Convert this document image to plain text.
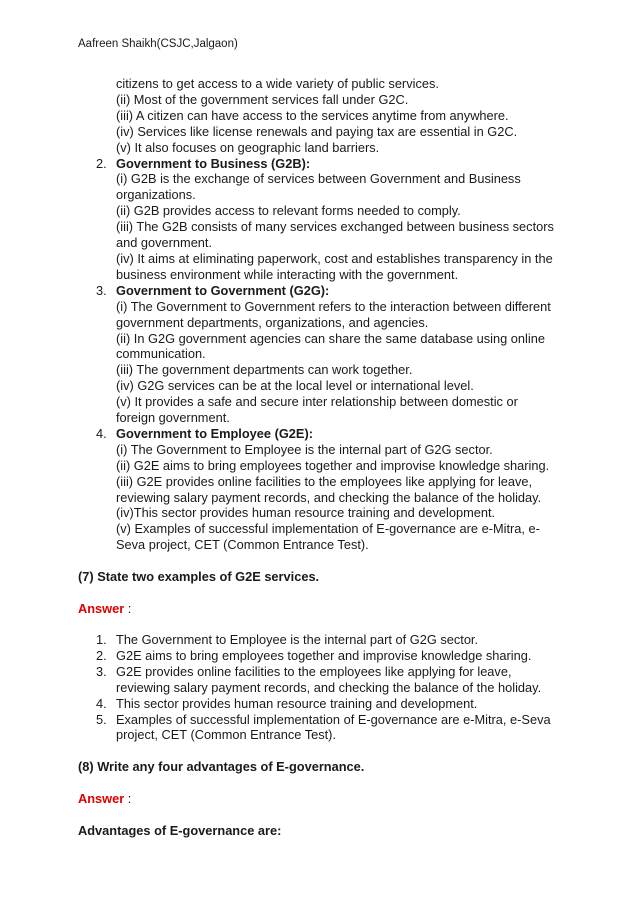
Aafreen Shaikh(CSJC,Jalgaon)
citizens to get access to a wide variety of public services.
(ii) Most of the government services fall under G2C.
(iii) A citizen can have access to the services anytime from anywhere.
(iv) Services like license renewals and paying tax are essential in G2C.
(v) It also focuses on geographic land barriers.
2. Government to Business (G2B):
(i) G2B is the exchange of services between Government and Business
organizations.
(ii) G2B provides access to relevant forms needed to comply.
(iii) The G2B consists of many services exchanged between business sectors
and government.
(iv) It aims at eliminating paperwork, cost and establishes transparency in the
business environment while interacting with the government.
3. Government to Government (G2G):
(i) The Government to Government refers to the interaction between different
government departments, organizations, and agencies.
(ii) In G2G government agencies can share the same database using online
communication.
(iii) The government departments can work together.
(iv) G2G services can be at the local level or international level.
(v) It provides a safe and secure inter relationship between domestic or
foreign government.
4. Government to Employee (G2E):
(i) The Government to Employee is the internal part of G2G sector.
(ii) G2E aims to bring employees together and improvise knowledge sharing.
(iii) G2E provides online facilities to the employees like applying for leave,
reviewing salary payment records, and checking the balance of the holiday.
(iv)This sector provides human resource training and development.
(v) Examples of successful implementation of E-governance are e-Mitra, e-
Seva project, CET (Common Entrance Test).
(7) State two examples of G2E services.
Answer :
1. The Government to Employee is the internal part of G2G sector.
2. G2E aims to bring employees together and improvise knowledge sharing.
3. G2E provides online facilities to the employees like applying for leave,
reviewing salary payment records, and checking the balance of the holiday.
4. This sector provides human resource training and development.
5. Examples of successful implementation of E-governance are e-Mitra, e-Seva
project, CET (Common Entrance Test).
(8) Write any four advantages of E-governance.
Answer :
Advantages of E-governance are:
